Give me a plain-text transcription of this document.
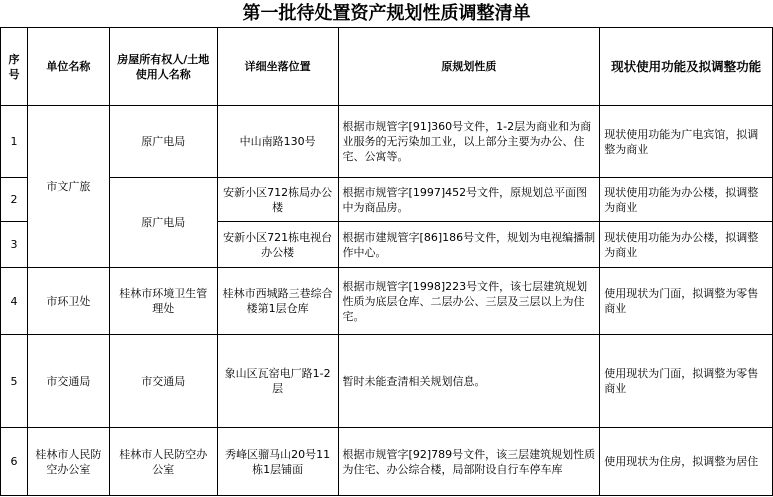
第一批待处置资产规划性质调整清单
序号	单位名称	房屋所有权人/土地使用人名称	详细坐落位置	原规划性质	现状使用功能及拟调整功能
1	市文广旅	原广电局	中山南路130号	根据市规管字[91]360号文件，1-2层为商业和为商业服务的无污染加工业，以上部分主要为办公、住宅、公寓等。	现状使用功能为广电宾馆，拟调整为商业
2		原广电局	安新小区712栋局办公楼	根据市规管字[1997]452号文件，原规划总平面图中为商品房。	现状使用功能为办公楼，拟调整为商业
3			安新小区721栋电视台办公楼	根据市建规管字[86]186号文件，规划为电视编播制作中心。	现状使用功能为办公楼，拟调整为商业
4	市环卫处	桂林市环境卫生管理处	桂林市西城路三巷综合楼第1层仓库	根据市规管字[1998]223号文件，该七层建筑规划性质为底层仓库、二层办公、三层及三层以上为住宅。	使用现状为门面，拟调整为零售商业
5	市交通局	市交通局	象山区瓦窑电厂路1-2层	暂时未能查清相关规划信息。	使用现状为门面，拟调整为零售商业
6	桂林市人民防空办公室	桂林市人民防空办公室	秀峰区骝马山20号11栋1层铺面	根据市规管字[92]789号文件，该三层建筑规划性质为住宅、办公综合楼，局部附设自行车停车库	使用现状为住房，拟调整为居住
